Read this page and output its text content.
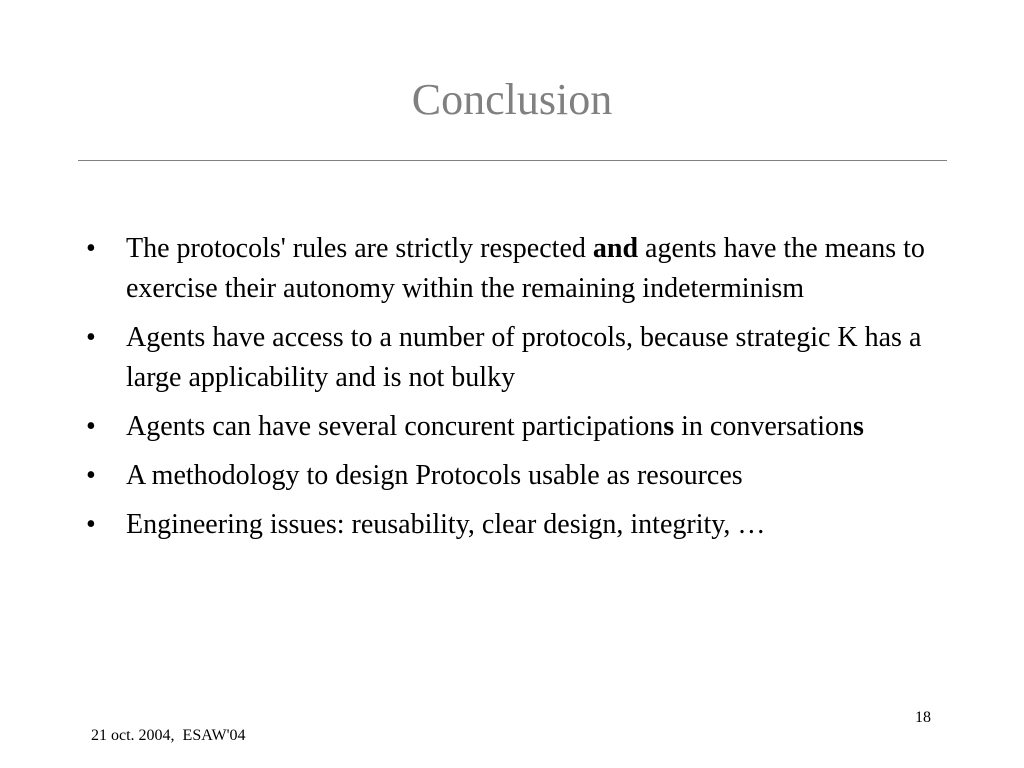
Conclusion
•	The protocols' rules are strictly respected and agents have the means to exercise their autonomy within the remaining indeterminism
•	Agents have access to a number of protocols, because strategic K has a large applicability and is not bulky
•	Agents can have several concurent participations in conversations
•	A methodology to design Protocols usable as resources
•	Engineering issues: reusability, clear design, integrity, …
21 oct. 2004,  ESAW'04
18
